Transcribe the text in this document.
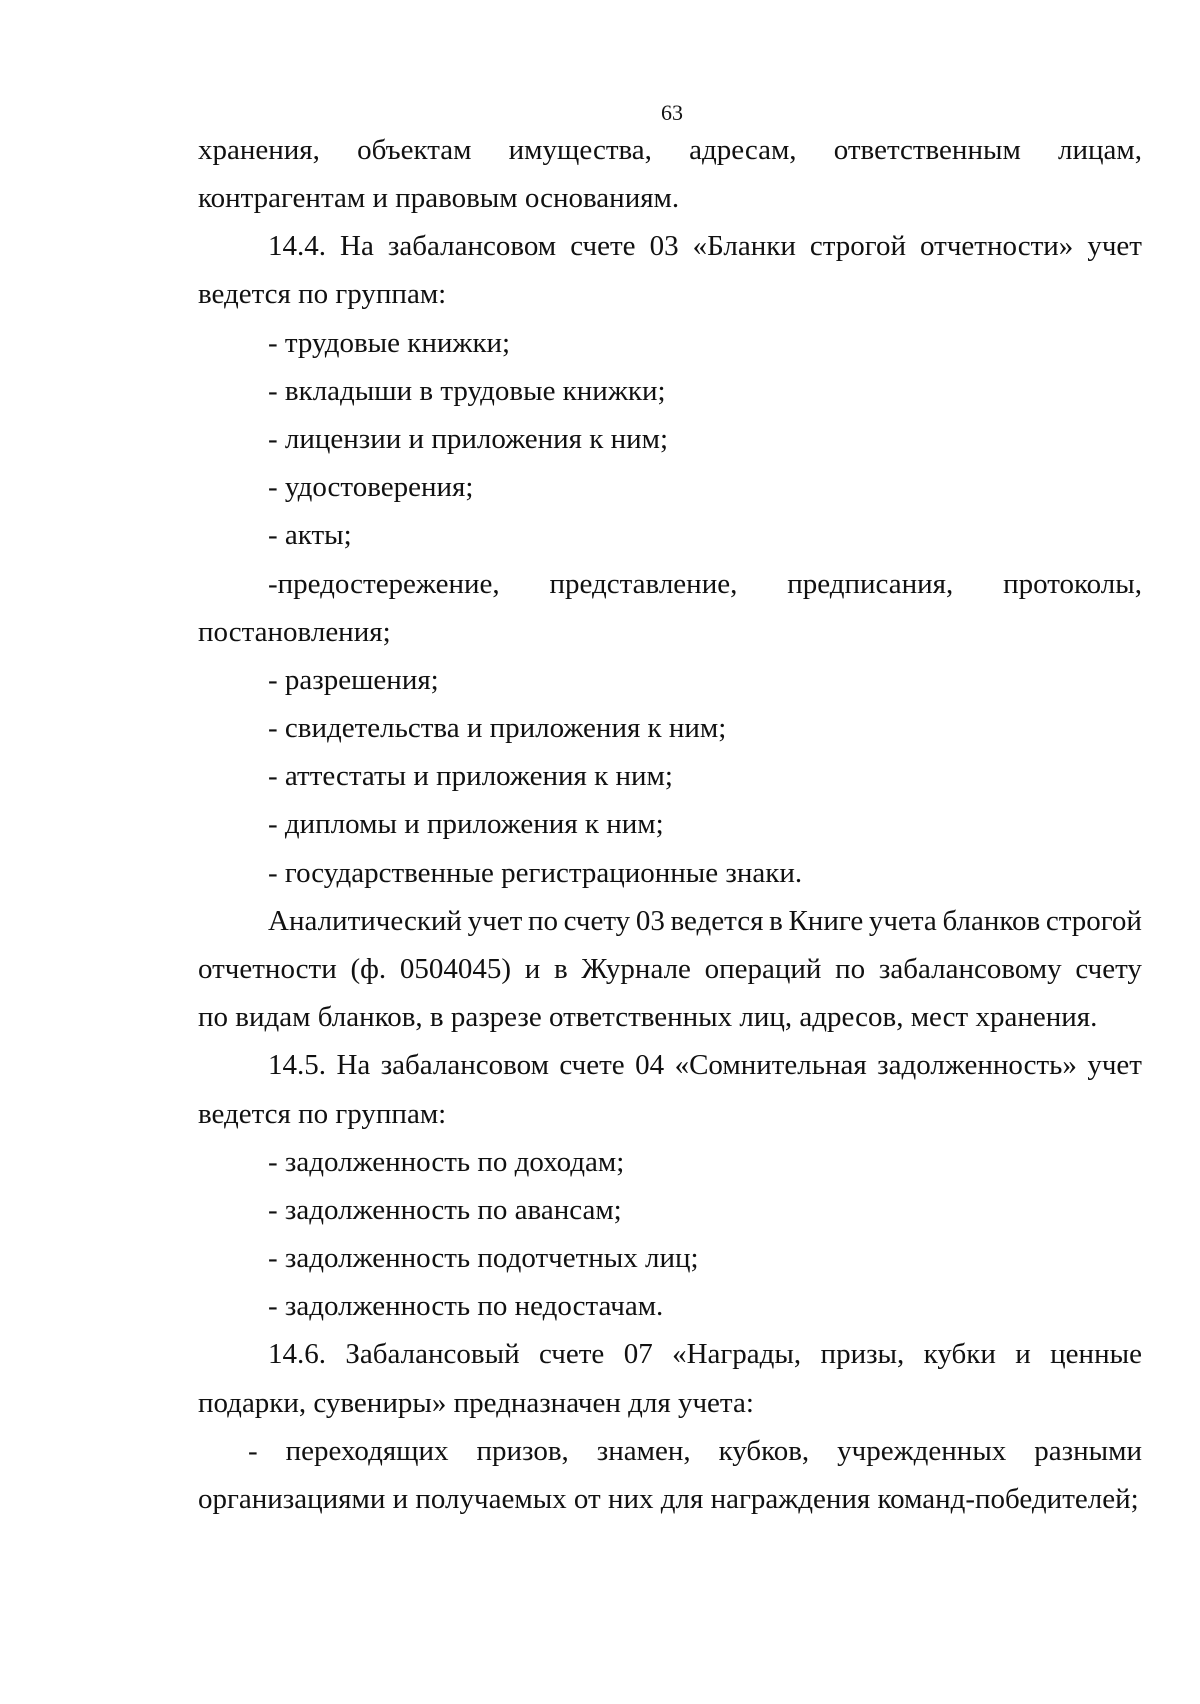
63
хранения, объектам имущества, адресам, ответственным лицам,
контрагентам и правовым основаниям.
14.4. На забалансовом счете 03 «Бланки строгой отчетности» учет
ведется по группам:
- трудовые книжки;
- вкладыши в трудовые книжки;
- лицензии и приложения к ним;
- удостоверения;
- акты;
-предостережение, представление, предписания, протоколы,
постановления;
- разрешения;
- свидетельства и приложения к ним;
- аттестаты и приложения к ним;
- дипломы и приложения к ним;
- государственные регистрационные знаки.
Аналитический учет по счету 03 ведется в Книге учета бланков строгой
отчетности (ф. 0504045) и в Журнале операций по забалансовому счету
по видам бланков, в разрезе ответственных лиц, адресов, мест хранения.
14.5. На забалансовом счете 04 «Сомнительная задолженность» учет
ведется по группам:
- задолженность по доходам;
- задолженность по авансам;
- задолженность подотчетных лиц;
- задолженность по недостачам.
14.6. Забалансовый счете 07 «Награды, призы, кубки и ценные
подарки, сувениры» предназначен для учета:
- переходящих призов, знамен, кубков, учрежденных разными
организациями и получаемых от них для награждения команд-победителей;
